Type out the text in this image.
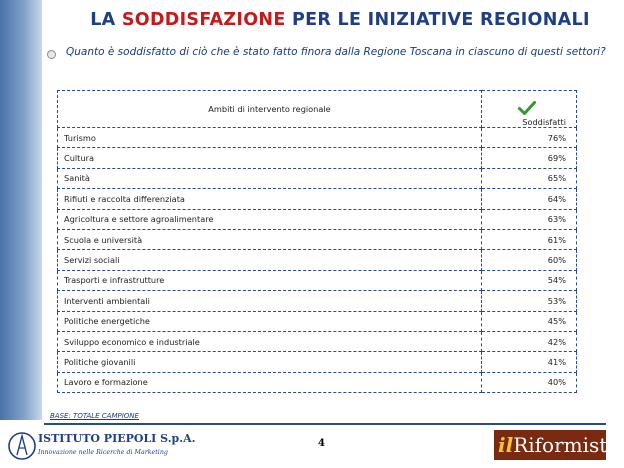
LA SODDISFAZIONE PER LE INIZIATIVE REGIONALI
Quanto è soddisfatto di ciò che è stato fatto finora dalla Regione Toscana in ciascuno di questi settori?
Ambiti di intervento regionale	Soddisfatti
Turismo	76%
Cultura	69%
Sanità	65%
Rifiuti e raccolta differenziata	64%
Agricoltura e settore agroalimentare	63%
Scuola e università	61%
Servizi sociali	60%
Trasporti e infrastrutture	54%
Interventi ambientali	53%
Politiche energetiche	45%
Sviluppo economico e industriale	42%
Politiche giovanili	41%
Lavoro e formazione	40%
BASE: TOTALE CAMPIONE
ISTITUTO PIEPOLI S.p.A.
Innovazione nelle Ricerche di Marketing
4	ilRiformista
